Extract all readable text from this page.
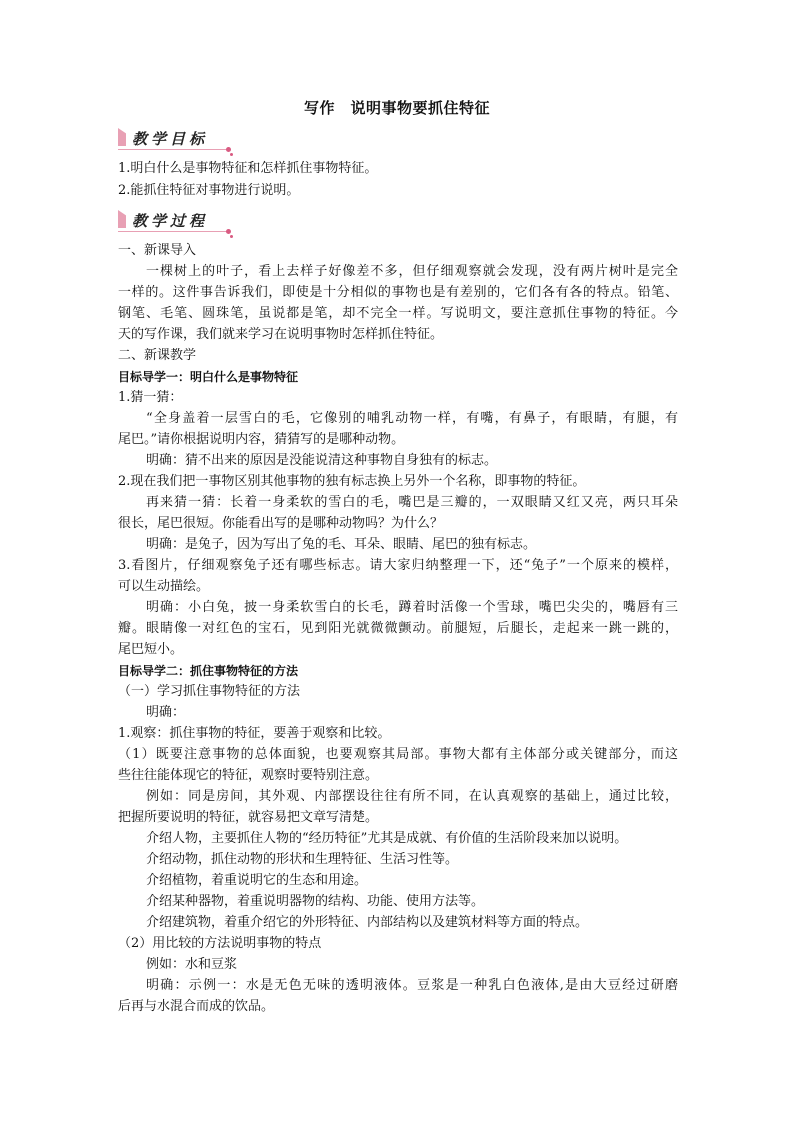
写作　说明事物要抓住特征
教学目标
1.明白什么是事物特征和怎样抓住事物特征。
2.能抓住特征对事物进行说明。
教学过程
一、新课导入
一棵树上的叶子，看上去样子好像差不多，但仔细观察就会发现，没有两片树叶是完全
一样的。这件事告诉我们，即使是十分相似的事物也是有差别的，它们各有各的特点。铅笔、
钢笔、毛笔、圆珠笔，虽说都是笔，却不完全一样。写说明文，要注意抓住事物的特征。今
天的写作课，我们就来学习在说明事物时怎样抓住特征。
二、新课教学
目标导学一：明白什么是事物特征
1.猜一猜：
“全身盖着一层雪白的毛，它像别的哺乳动物一样，有嘴，有鼻子，有眼睛，有腿，有
尾巴。”请你根据说明内容，猜猜写的是哪种动物。
明确：猜不出来的原因是没能说清这种事物自身独有的标志。
2.现在我们把一事物区别其他事物的独有标志换上另外一个名称，即事物的特征。
再来猜一猜：长着一身柔软的雪白的毛，嘴巴是三瓣的，一双眼睛又红又亮，两只耳朵
很长，尾巴很短。你能看出写的是哪种动物吗？为什么？
明确：是兔子，因为写出了兔的毛、耳朵、眼睛、尾巴的独有标志。
3.看图片，仔细观察兔子还有哪些标志。请大家归纳整理一下，还“兔子”一个原来的模样，
可以生动描绘。
明确：小白兔，披一身柔软雪白的长毛，蹲着时活像一个雪球，嘴巴尖尖的，嘴唇有三
瓣。眼睛像一对红色的宝石，见到阳光就微微颤动。前腿短，后腿长，走起来一跳一跳的，
尾巴短小。
目标导学二：抓住事物特征的方法
（一）学习抓住事物特征的方法
明确：
1.观察：抓住事物的特征，要善于观察和比较。
（1）既要注意事物的总体面貌，也要观察其局部。事物大都有主体部分或关键部分，而这
些往往能体现它的特征，观察时要特别注意。
例如：同是房间，其外观、内部摆设往往有所不同，在认真观察的基础上，通过比较，
把握所要说明的特征，就容易把文章写清楚。
介绍人物，主要抓住人物的“经历特征”尤其是成就、有价值的生活阶段来加以说明。
介绍动物，抓住动物的形状和生理特征、生活习性等。
介绍植物，着重说明它的生态和用途。
介绍某种器物，着重说明器物的结构、功能、使用方法等。
介绍建筑物，着重介绍它的外形特征、内部结构以及建筑材料等方面的特点。
（2）用比较的方法说明事物的特点
例如：水和豆浆
明确：示例一：水是无色无味的透明液体。豆浆是一种乳白色液体,是由大豆经过研磨
后再与水混合而成的饮品。
